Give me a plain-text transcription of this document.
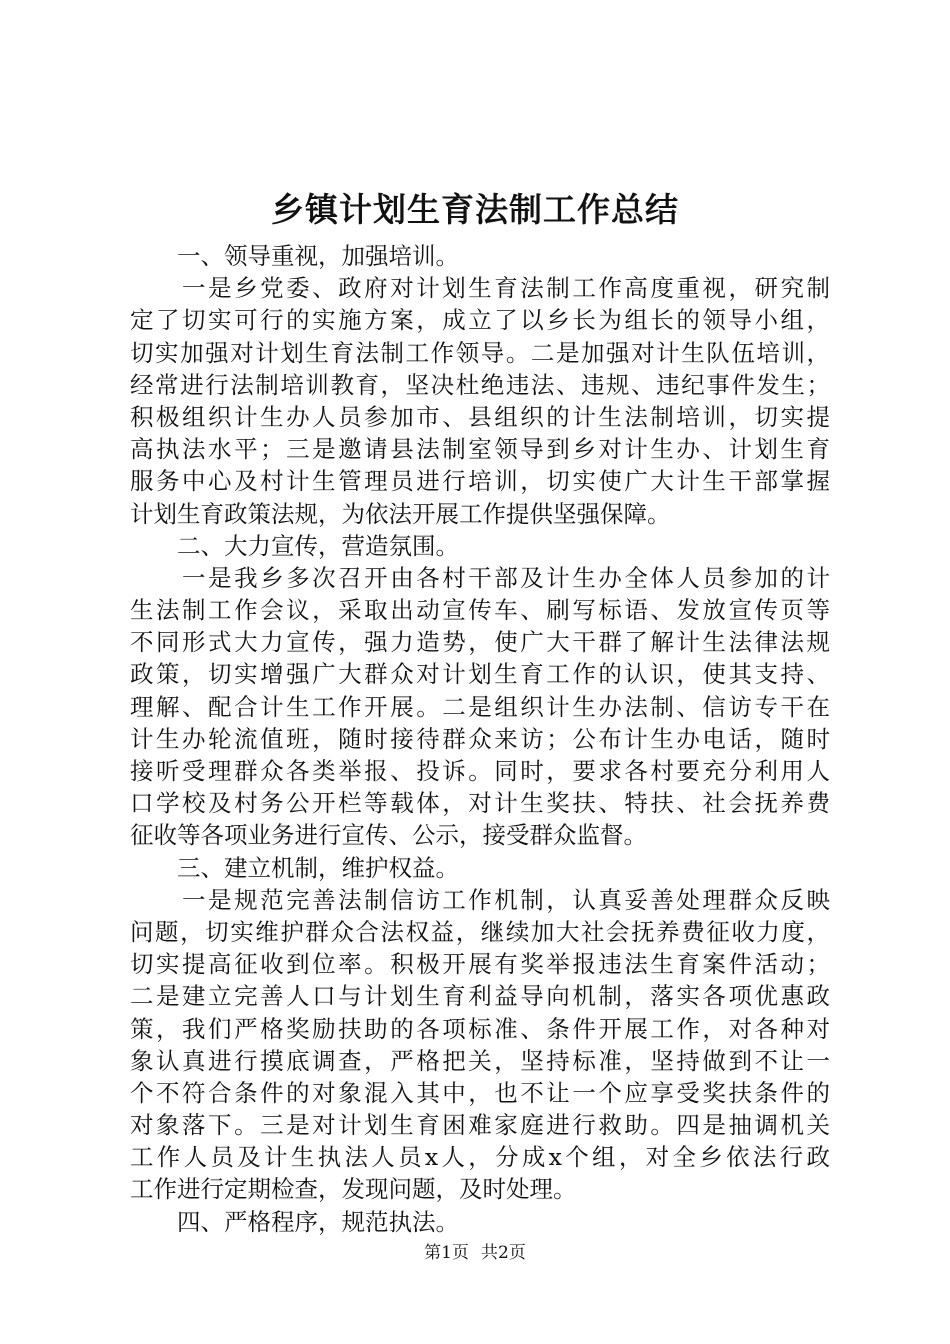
乡镇计划生育法制工作总结
　　一、领导重视，加强培训。
　　一是乡党委、政府对计划生育法制工作高度重视，研究制
定了切实可行的实施方案，成立了以乡长为组长的领导小组，
切实加强对计划生育法制工作领导。二是加强对计生队伍培训，
经常进行法制培训教育，坚决杜绝违法、违规、违纪事件发生；
积极组织计生办人员参加市、县组织的计生法制培训，切实提
高执法水平；三是邀请县法制室领导到乡对计生办、计划生育
服务中心及村计生管理员进行培训，切实使广大计生干部掌握
计划生育政策法规，为依法开展工作提供坚强保障。
　　二、大力宣传，营造氛围。
　　一是我乡多次召开由各村干部及计生办全体人员参加的计
生法制工作会议，采取出动宣传车、刷写标语、发放宣传页等
不同形式大力宣传，强力造势，使广大干群了解计生法律法规
政策，切实增强广大群众对计划生育工作的认识，使其支持、
理解、配合计生工作开展。二是组织计生办法制、信访专干在
计生办轮流值班，随时接待群众来访；公布计生办电话，随时
接听受理群众各类举报、投诉。同时，要求各村要充分利用人
口学校及村务公开栏等载体，对计生奖扶、特扶、社会抚养费
征收等各项业务进行宣传、公示，接受群众监督。
　　三、建立机制，维护权益。
　　一是规范完善法制信访工作机制，认真妥善处理群众反映
问题，切实维护群众合法权益，继续加大社会抚养费征收力度，
切实提高征收到位率。积极开展有奖举报违法生育案件活动；
二是建立完善人口与计划生育利益导向机制，落实各项优惠政
策，我们严格奖励扶助的各项标准、条件开展工作，对各种对
象认真进行摸底调查，严格把关，坚持标准，坚持做到不让一
个不符合条件的对象混入其中，也不让一个应享受奖扶条件的
对象落下。三是对计划生育困难家庭进行救助。四是抽调机关
工作人员及计生执法人员x人，分成x个组，对全乡依法行政
工作进行定期检查，发现问题，及时处理。
　　四、严格程序，规范执法。
第1页 共2页
